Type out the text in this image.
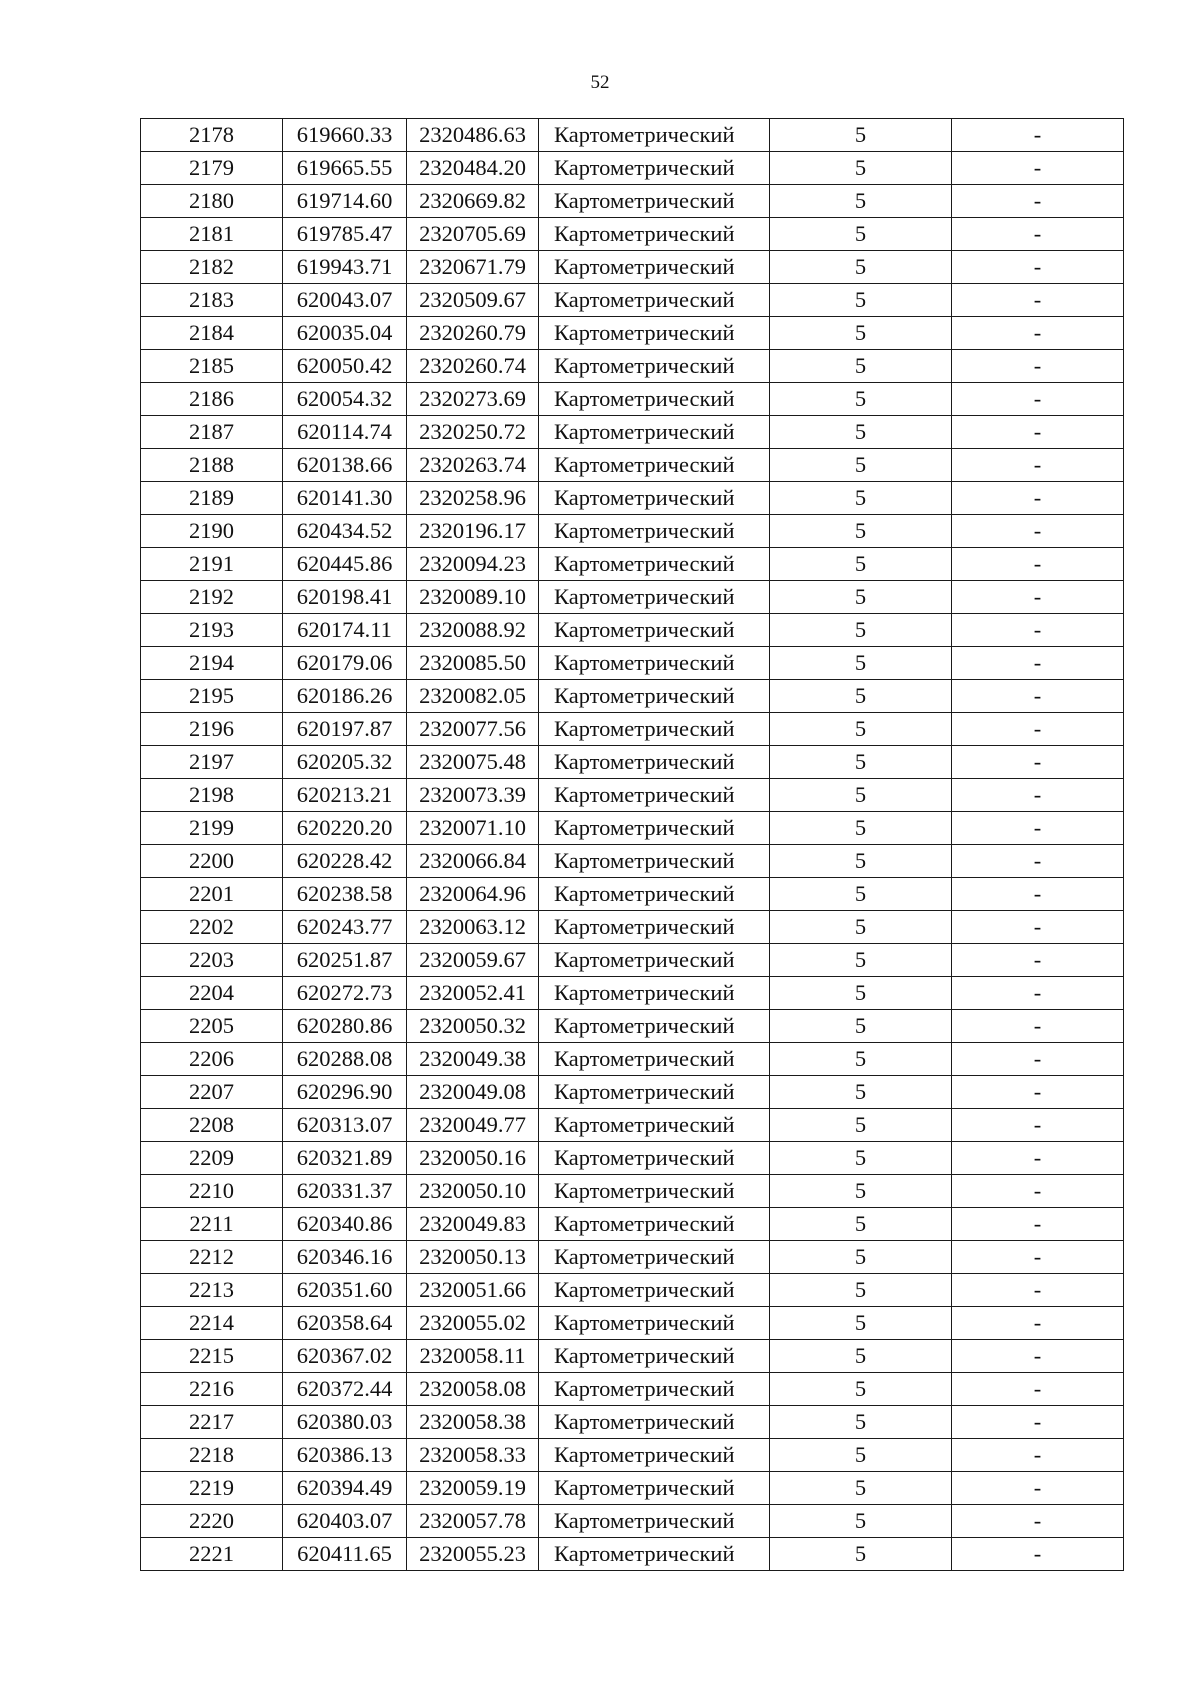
52
2178	619660.33	2320486.63	Картометрический	5	-
2179	619665.55	2320484.20	Картометрический	5	-
2180	619714.60	2320669.82	Картометрический	5	-
2181	619785.47	2320705.69	Картометрический	5	-
2182	619943.71	2320671.79	Картометрический	5	-
2183	620043.07	2320509.67	Картометрический	5	-
2184	620035.04	2320260.79	Картометрический	5	-
2185	620050.42	2320260.74	Картометрический	5	-
2186	620054.32	2320273.69	Картометрический	5	-
2187	620114.74	2320250.72	Картометрический	5	-
2188	620138.66	2320263.74	Картометрический	5	-
2189	620141.30	2320258.96	Картометрический	5	-
2190	620434.52	2320196.17	Картометрический	5	-
2191	620445.86	2320094.23	Картометрический	5	-
2192	620198.41	2320089.10	Картометрический	5	-
2193	620174.11	2320088.92	Картометрический	5	-
2194	620179.06	2320085.50	Картометрический	5	-
2195	620186.26	2320082.05	Картометрический	5	-
2196	620197.87	2320077.56	Картометрический	5	-
2197	620205.32	2320075.48	Картометрический	5	-
2198	620213.21	2320073.39	Картометрический	5	-
2199	620220.20	2320071.10	Картометрический	5	-
2200	620228.42	2320066.84	Картометрический	5	-
2201	620238.58	2320064.96	Картометрический	5	-
2202	620243.77	2320063.12	Картометрический	5	-
2203	620251.87	2320059.67	Картометрический	5	-
2204	620272.73	2320052.41	Картометрический	5	-
2205	620280.86	2320050.32	Картометрический	5	-
2206	620288.08	2320049.38	Картометрический	5	-
2207	620296.90	2320049.08	Картометрический	5	-
2208	620313.07	2320049.77	Картометрический	5	-
2209	620321.89	2320050.16	Картометрический	5	-
2210	620331.37	2320050.10	Картометрический	5	-
2211	620340.86	2320049.83	Картометрический	5	-
2212	620346.16	2320050.13	Картометрический	5	-
2213	620351.60	2320051.66	Картометрический	5	-
2214	620358.64	2320055.02	Картометрический	5	-
2215	620367.02	2320058.11	Картометрический	5	-
2216	620372.44	2320058.08	Картометрический	5	-
2217	620380.03	2320058.38	Картометрический	5	-
2218	620386.13	2320058.33	Картометрический	5	-
2219	620394.49	2320059.19	Картометрический	5	-
2220	620403.07	2320057.78	Картометрический	5	-
2221	620411.65	2320055.23	Картометрический	5	-
